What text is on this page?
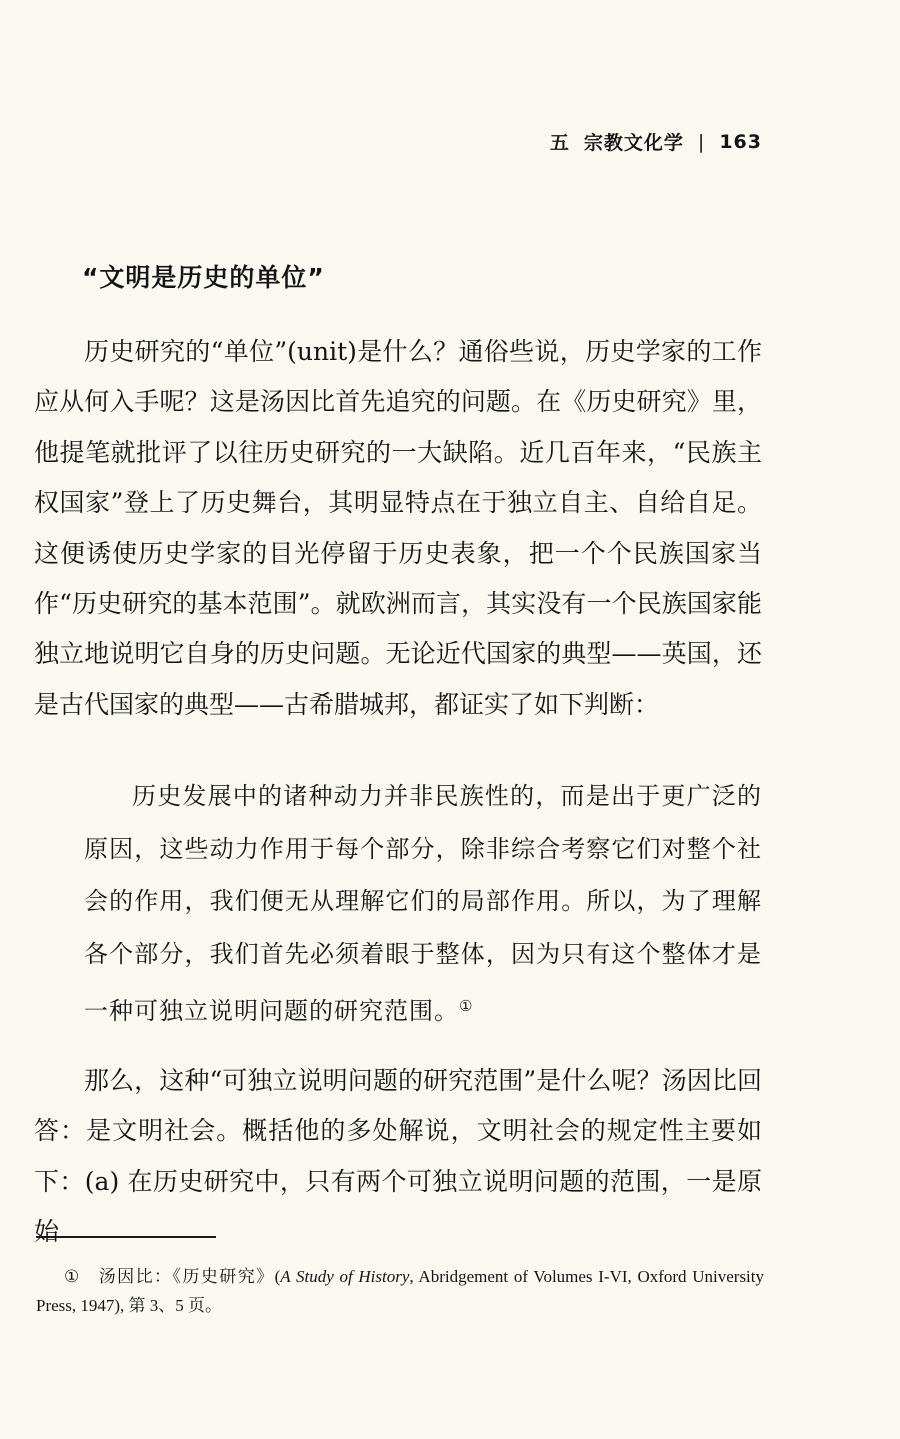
五 宗教文化学 | 163
“文明是历史的单位”

历史研究的“单位”(unit)是什么？通俗些说，历史学家的工作应从何入手呢？这是汤因比首先追究的问题。在《历史研究》里，他提笔就批评了以往历史研究的一大缺陷。近几百年来，“民族主权国家”登上了历史舞台，其明显特点在于独立自主、自给自足。这便诱使历史学家的目光停留于历史表象，把一个个民族国家当作“历史研究的基本范围”。就欧洲而言，其实没有一个民族国家能独立地说明它自身的历史问题。无论近代国家的典型——英国，还是古代国家的典型——古希腊城邦，都证实了如下判断：

历史发展中的诸种动力并非民族性的，而是出于更广泛的原因，这些动力作用于每个部分，除非综合考察它们对整个社会的作用，我们便无从理解它们的局部作用。所以，为了理解各个部分，我们首先必须着眼于整体，因为只有这个整体才是一种可独立说明问题的研究范围。①

那么，这种“可独立说明问题的研究范围”是什么呢？汤因比回答：是文明社会。概括他的多处解说，文明社会的规定性主要如下：(a) 在历史研究中，只有两个可独立说明问题的范围，一是原始

① 汤因比：《历史研究》(A Study of History, Abridgement of Volumes I-VI, Oxford University Press, 1947), 第 3、5 页。
